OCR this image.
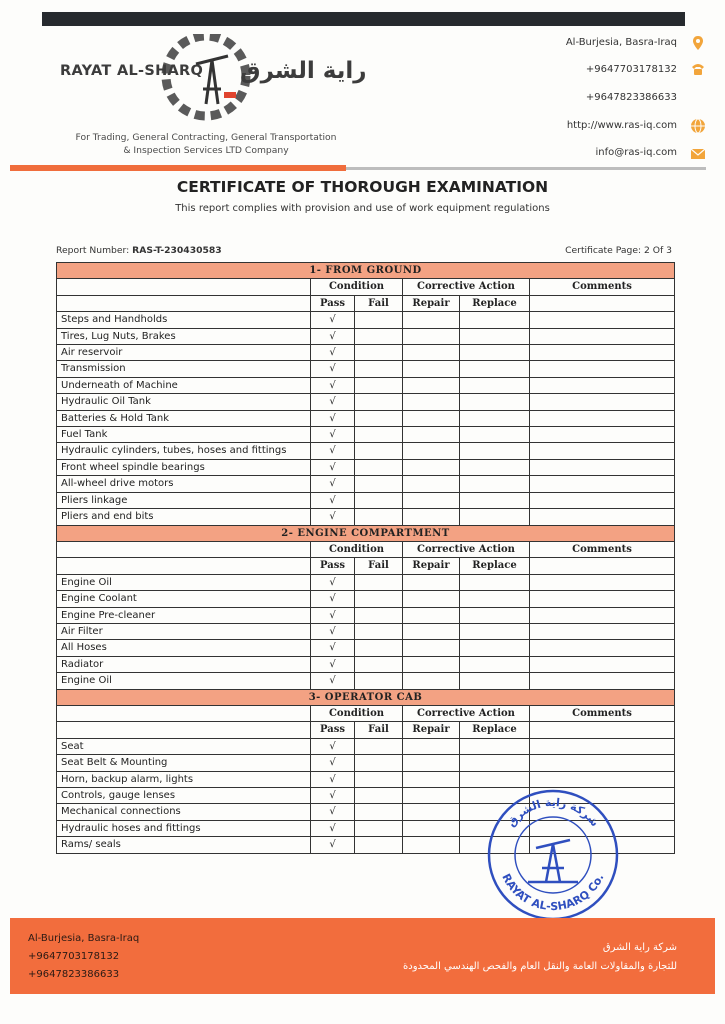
RAYAT AL-SHARQ راية الشرق
For Trading, General Contracting, General Transportation
& Inspection Services LTD Company
Al-Burjesia, Basra-Iraq
+9647703178132
+9647823386633
http://www.ras-iq.com
info@ras-iq.com
CERTIFICATE OF THOROUGH EXAMINATION
This report complies with provision and use of work equipment regulations
Report Number: RAS-T-230430583	Certificate Page: 2 Of 3
1- FROM GROUND					
	Condition		Corrective Action		Comments
	Pass	Fail	Repair	Replace	
Steps and Handholds	√				
Tires, Lug Nuts, Brakes	√				
Air reservoir	√				
Transmission	√				
Underneath of Machine	√				
Hydraulic Oil Tank	√				
Batteries & Hold Tank	√				
Fuel Tank	√				
Hydraulic cylinders, tubes, hoses and fittings	√				
Front wheel spindle bearings	√				
All-wheel drive motors	√				
Pliers linkage	√				
Pliers and end bits	√				
2- ENGINE COMPARTMENT					
	Condition		Corrective Action		Comments
	Pass	Fail	Repair	Replace	
Engine Oil	√				
Engine Coolant	√				
Engine Pre-cleaner	√				
Air Filter	√				
All Hoses	√				
Radiator	√				
Engine Oil	√				
3- OPERATOR CAB					
	Condition		Corrective Action		Comments
	Pass	Fail	Repair	Replace	
Seat	√				
Seat Belt & Mounting	√				
Horn, backup alarm, lights	√				
Controls, gauge lenses	√				
Mechanical connections	√				
Hydraulic hoses and fittings	√				
Rams/ seals	√				
شركة راية الشرق
RAYAT AL-SHARQ Co.
Al-Burjesia, Basra-Iraq
+9647703178132
+9647823386633
شركة راية الشرق
للتجارة والمقاولات العامة والنقل العام والفحص الهندسي المحدودة
